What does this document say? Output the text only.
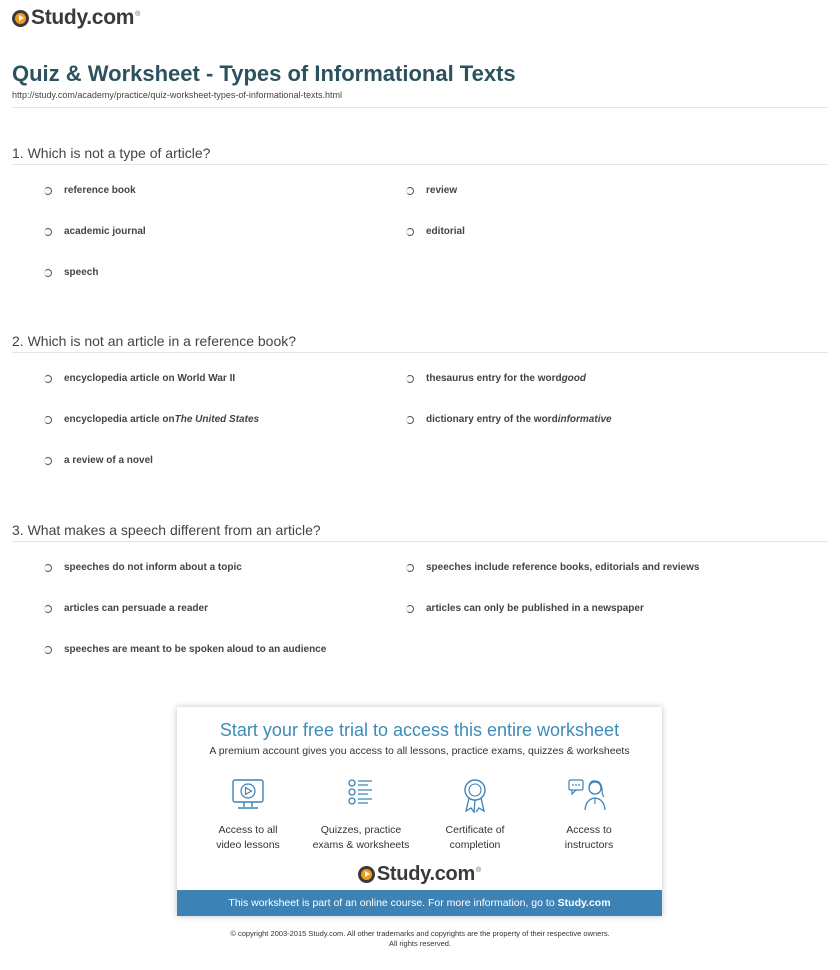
Study.com ®
Quiz & Worksheet - Types of Informational Texts
http://study.com/academy/practice/quiz-worksheet-types-of-informational-texts.html
1. Which is not a type of article?
reference book	review
academic journal	editorial
speech
2. Which is not an article in a reference book?
encyclopedia article on World War II	thesaurus entry for the word good
encyclopedia article on The United States	dictionary entry of the word informative
a review of a novel
3. What makes a speech different from an article?
speeches do not inform about a topic	speeches include reference books, editorials and reviews
articles can persuade a reader	articles can only be published in a newspaper
speeches are meant to be spoken aloud to an audience
Start your free trial to access this entire worksheet
A premium account gives you access to all lessons, practice exams, quizzes & worksheets
Access to all
video lessons
Quizzes, practice
exams & worksheets
Certificate of
completion
Access to
instructors
Study.com ®
This worksheet is part of an online course. For more information, go to Study.com
© copyright 2003-2015 Study.com. All other trademarks and copyrights are the property of their respective owners.
All rights reserved.
